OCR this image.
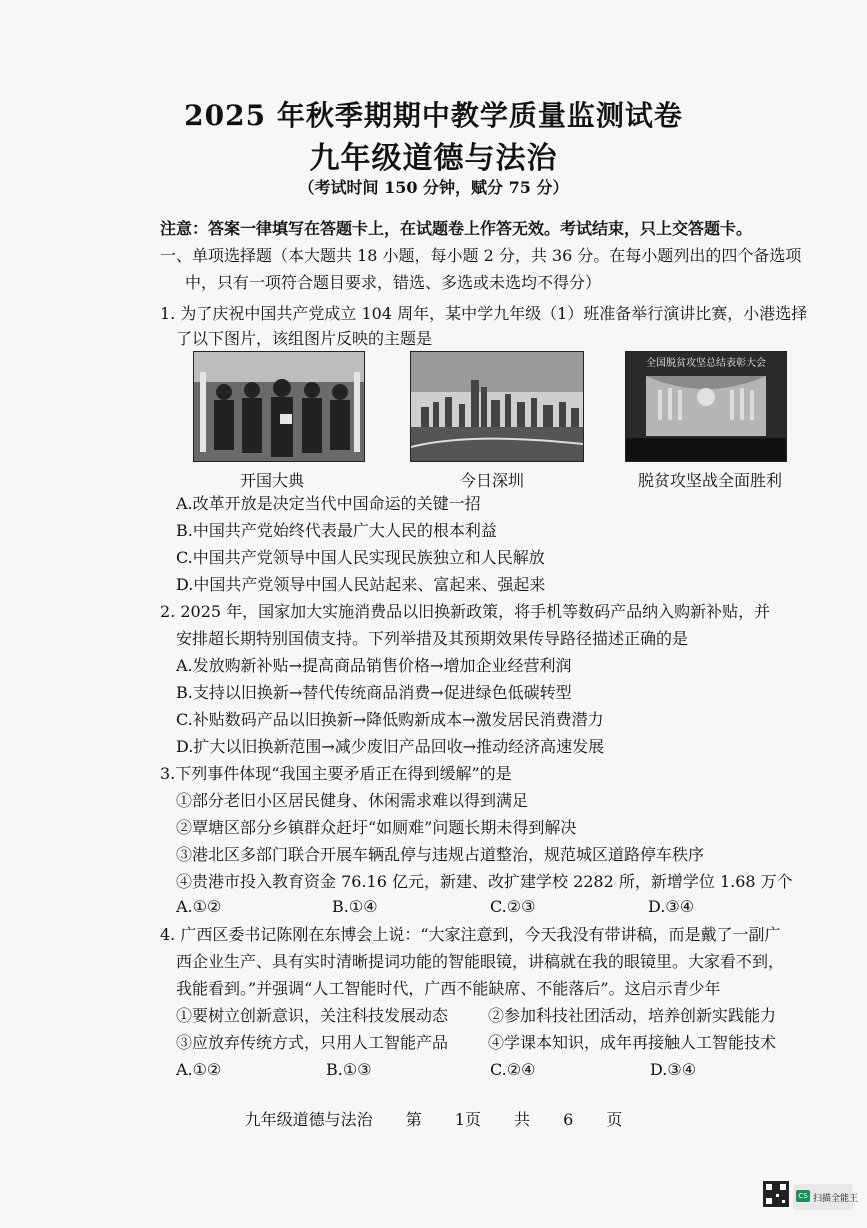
2025 年秋季期期中教学质量监测试卷
九年级道德与法治
（考试时间 150 分钟，赋分 75 分）
注意：答案一律填写在答题卡上，在试题卷上作答无效。考试结束，只上交答题卡。
一、单项选择题（本大题共 18 小题，每小题 2 分，共 36 分。在每小题列出的四个备选项
中，只有一项符合题目要求，错选、多选或未选均不得分）
1. 为了庆祝中国共产党成立 104 周年，某中学九年级（1）班准备举行演讲比赛，小港选择
了以下图片，该组图片反映的主题是
全国脱贫攻坚总结表彰大会
开国大典	今日深圳	脱贫攻坚战全面胜利
A.改革开放是决定当代中国命运的关键一招
B.中国共产党始终代表最广大人民的根本利益
C.中国共产党领导中国人民实现民族独立和人民解放
D.中国共产党领导中国人民站起来、富起来、强起来
2. 2025 年，国家加大实施消费品以旧换新政策，将手机等数码产品纳入购新补贴，并
安排超长期特别国债支持。下列举措及其预期效果传导路径描述正确的是
A.发放购新补贴→提高商品销售价格→增加企业经营利润
B.支持以旧换新→替代传统商品消费→促进绿色低碳转型
C.补贴数码产品以旧换新→降低购新成本→激发居民消费潜力
D.扩大以旧换新范围→减少废旧产品回收→推动经济高速发展
3.下列事件体现“我国主要矛盾正在得到缓解”的是
①部分老旧小区居民健身、休闲需求难以得到满足
②覃塘区部分乡镇群众赶圩“如厕难”问题长期未得到解决
③港北区多部门联合开展车辆乱停与违规占道整治，规范城区道路停车秩序
④贵港市投入教育资金 76.16 亿元，新建、改扩建学校 2282 所，新增学位 1.68 万个
A.①②	B.①④	C.②③	D.③④
4. 广西区委书记陈刚在东博会上说：“大家注意到，今天我没有带讲稿，而是戴了一副广
西企业生产、具有实时清晰提词功能的智能眼镜，讲稿就在我的眼镜里。大家看不到，
我能看到。”并强调“人工智能时代，广西不能缺席、不能落后”。这启示青少年
①要树立创新意识，关注科技发展动态 ②参加科技社团活动，培养创新实践能力
③应放弃传统方式，只用人工智能产品 ④学课本知识，成年再接触人工智能技术
A.①②	B.①③	C.②④	D.③④
九年级道德与法治 第 1页 共 6 页
CS 扫描全能王
